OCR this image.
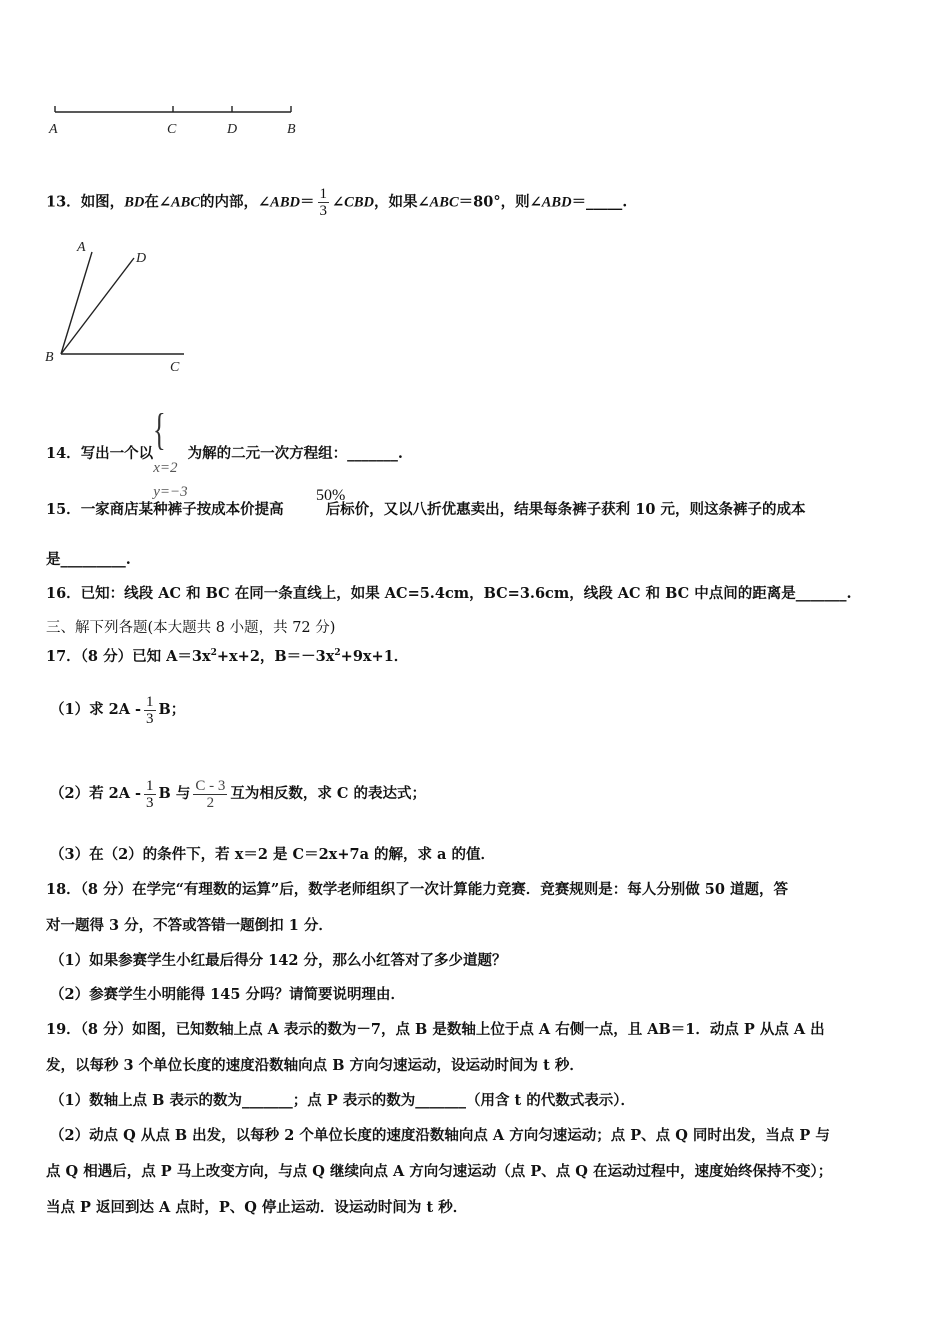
A	C	D	B
13．如图，BD在∠ABC的内部，∠ABD＝ $\frac{1}{3}$ ∠CBD，如果∠ABC＝80°，则∠ABD＝_____.
A
D
B
C
14．写出一个以 {
x=2
y=−3
为解的二元一次方程组：_______.
50%
15．一家商店某种裤子按成本价提高	后标价，又以八折优惠卖出，结果每条裤子获利 10 元，则这条裤子的成本
是_________.
16．已知：线段 AC 和 BC 在同一条直线上，如果 AC=5.4cm，BC=3.6cm，线段 AC 和 BC 中点间的距离是_______.
三、解下列各题(本大题共 8 小题，共 72 分)
17．（8 分）已知 $A=3x^2+x+2$，$B=-3x^2+9x+1$．
（1）求 $2A - \frac{1}{3}$ B；
（2）若 $2A - \frac{1}{3}$ B 与 $\frac{C - 3}{2}$ 互为相反数，求 C 的表达式；
（3）在（2）的条件下，若 x＝2 是 C＝2x+7a 的解，求 a 的值．
18．（8 分）在学完“有理数的运算”后，数学老师组织了一次计算能力竞赛．竞赛规则是：每人分别做 50 道题，答
对一题得 3 分，不答或答错一题倒扣 1 分．
（1）如果参赛学生小红最后得分 142 分，那么小红答对了多少道题？
（2）参赛学生小明能得 145 分吗？请简要说明理由．
19．（8 分）如图，已知数轴上点 A 表示的数为－7，点 B 是数轴上位于点 A 右侧一点，且 AB＝1．动点 P 从点 A 出
发，以每秒 3 个单位长度的速度沿数轴向点 B 方向匀速运动，设运动时间为 t 秒．
（1）数轴上点 B 表示的数为_______；点 P 表示的数为_______（用含 t 的代数式表示）．
（2）动点 Q 从点 B 出发，以每秒 2 个单位长度的速度沿数轴向点 A 方向匀速运动；点 P、点 Q 同时出发，当点 P 与
点 Q 相遇后，点 P 马上改变方向，与点 Q 继续向点 A 方向匀速运动（点 P、点 Q 在运动过程中，速度始终保持不变）；
当点 P 返回到达 A 点时，P、Q 停止运动．设运动时间为 t 秒．
